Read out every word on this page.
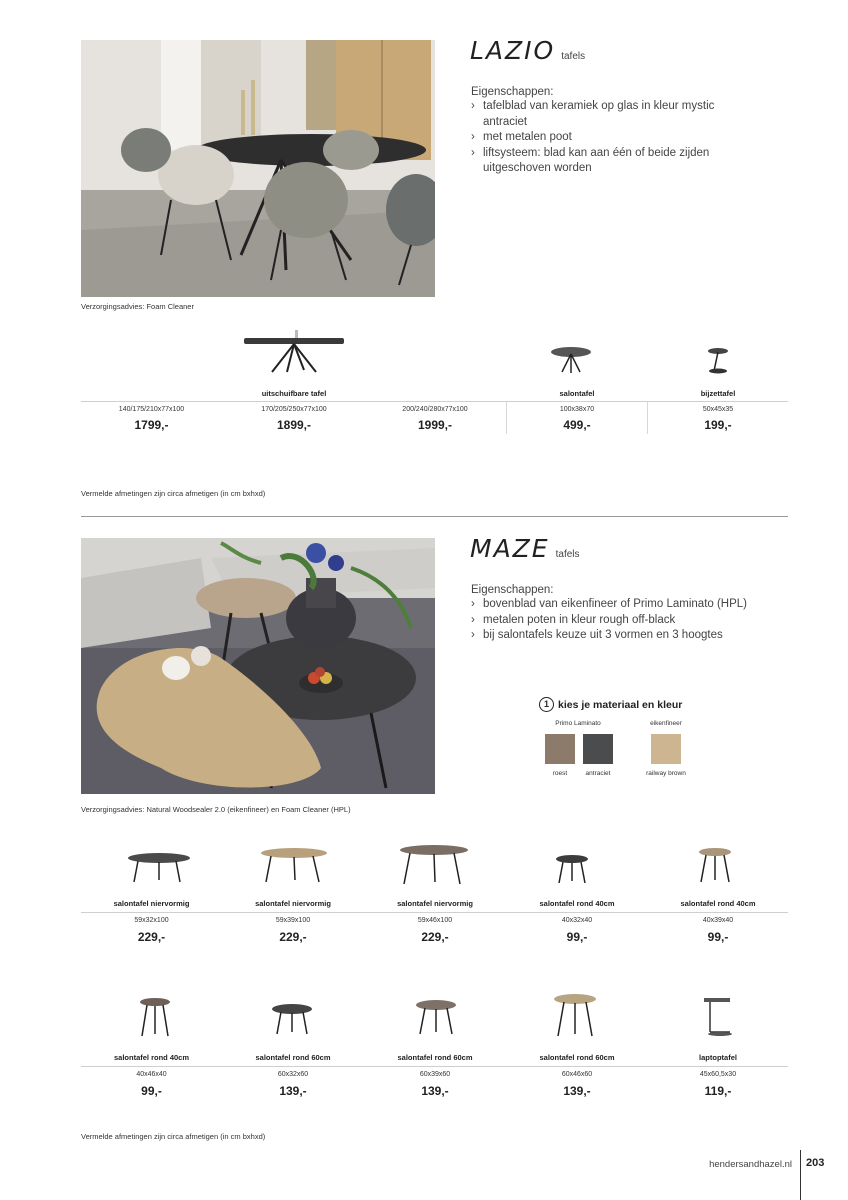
LAZIO tafels
Eigenschappen:
› tafelblad van keramiek op glas in kleur mystic antraciet
› met metalen poot
› liftsysteem: blad kan aan één of beide zijden uitgeschoven worden
Verzorgingsadvies: Foam Cleaner
uitschuifbare tafel	salontafel	bijzettafel
140/175/210x77x100	170/205/250x77x100	200/240/280x77x100	100x38x70	50x45x35
1799,-	1899,-	1999,-	499,-	199,-
Vermelde afmetingen zijn circa afmetigen (in cm bxhxd)
MAZE tafels
Eigenschappen:
› bovenblad van eikenfineer of Primo Laminato (HPL)
› metalen poten in kleur rough off-black
› bij salontafels keuze uit 3 vormen en 3 hoogtes
1 kies je materiaal en kleur
Primo Laminato	eikenfineer
roest	antraciet	railway brown
Verzorgingsadvies: Natural Woodsealer 2.0 (eikenfineer) en Foam Cleaner (HPL)
salontafel niervormig	salontafel niervormig	salontafel niervormig	salontafel rond 40cm	salontafel rond 40cm
59x32x100	59x39x100	59x46x100	40x32x40	40x39x40
229,-	229,-	229,-	99,-	99,-
salontafel rond 40cm	salontafel rond 60cm	salontafel rond 60cm	salontafel rond 60cm	laptoptafel
40x46x40	60x32x60	60x39x60	60x46x60	45x60,5x30
99,-	139,-	139,-	139,-	119,-
Vermelde afmetingen zijn circa afmetigen (in cm bxhxd)
hendersandhazel.nl 203
